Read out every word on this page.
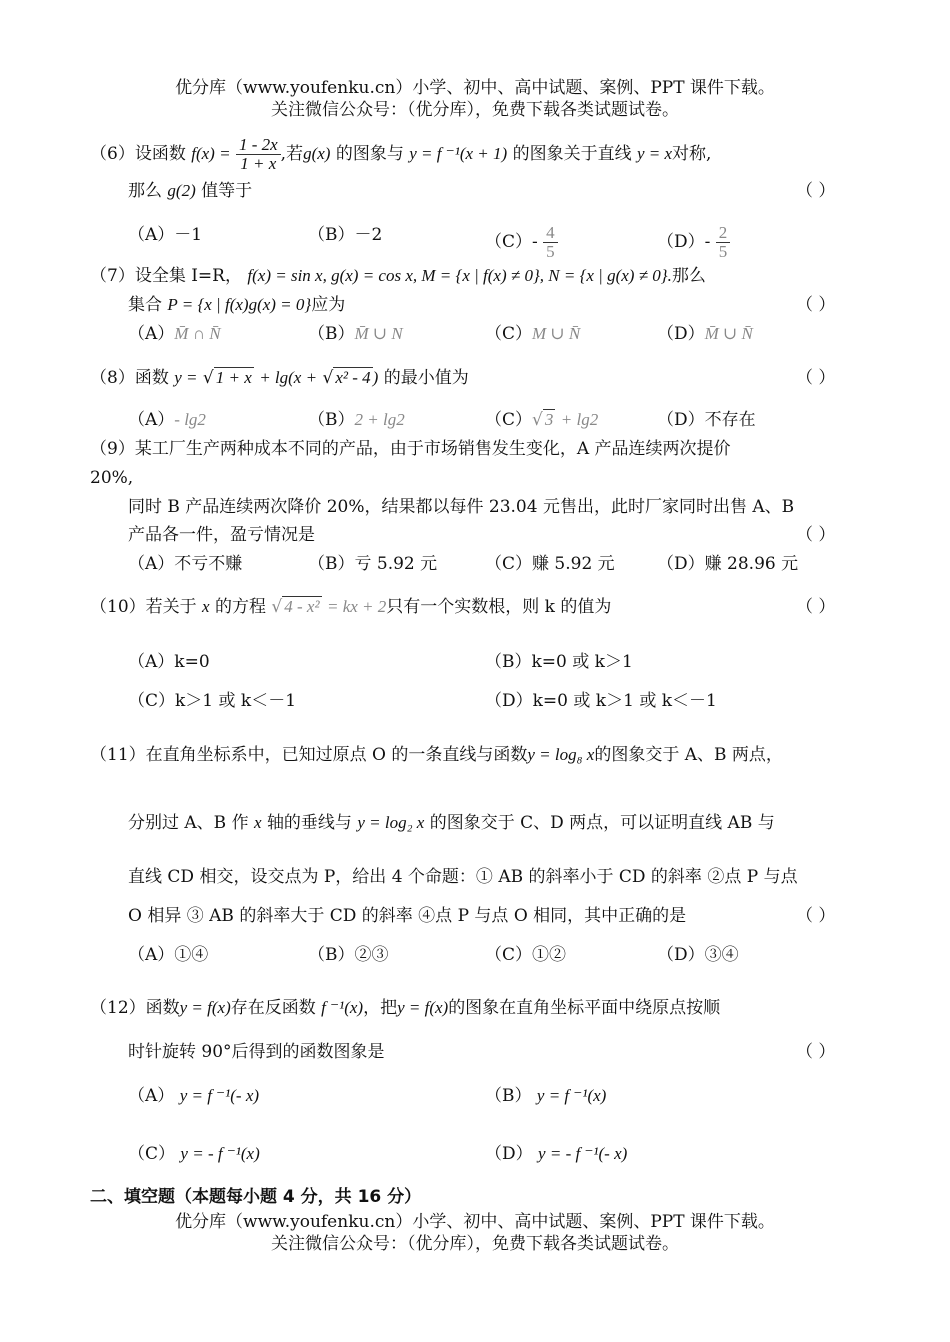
优分库（www.youfenku.cn）小学、初中、高中试题、案例、PPT 课件下载。
关注微信公众号：（优分库），免费下载各类试题试卷。
（6）设函数 $f(x) = \frac{1 - 2x}{1 + x}$ ,若g(x) 的图象与 y = f ⁻¹(x + 1) 的图象关于直线 y = x对称,
那么 g(2) 值等于	（ ）
（A）－1	（B）－2	$(C)- \frac{4}{5}$	$(D)- \frac{2}{5}$
（7）设全集 I=R， f(x) = sin x, g(x) = cos x, M = {x | f(x) ≠ 0}, N = {x | g(x) ≠ 0}.那么
集合 P = {x | f(x)g(x) = 0}应为	（ ）
（A）M̄ ∩ N̄	（B）M̄ ∪ N	（C）M ∪ N̄	（D）M̄ ∪ N̄
（8）函数 y = √ 1 + x + lg(x + √ x² - 4 ) 的最小值为	（ ）
（A）- lg2	（B）2 + lg2	（C）√ 3 + lg2	（D）不存在
（9）某工厂生产两种成本不同的产品，由于市场销售发生变化，A 产品连续两次提价
20%,
同时 B 产品连续两次降价 20%，结果都以每件 23.04 元售出，此时厂家同时出售 A、B
产品各一件，盈亏情况是	（ ）
（A）不亏不赚	（B）亏 5.92 元	（C）赚 5.92 元 （D）赚 28.96 元
（10）若关于 x 的方程 √ 4 - x² = kx + 2只有一个实数根，则 k 的值为	（ ）
（A）k=0	（B）k=0 或 k＞1
（C）k＞1 或 k＜－1	（D）k=0 或 k＞1 或 k＜－1
（11）在直角坐标系中，已知过原点 O 的一条直线与函数y = log₈ x的图象交于 A、B 两点，
分别过 A、B 作 x 轴的垂线与 y = log₂ x 的图象交于 C、D 两点，可以证明直线 AB 与
直线 CD 相交，设交点为 P，给出 4 个命题：① AB 的斜率小于 CD 的斜率 ②点 P 与点
O 相异 ③ AB 的斜率大于 CD 的斜率 ④点 P 与点 O 相同，其中正确的是	（ ）
（A）①④	（B）②③	（C）①②	（D）③④
（12）函数y = f(x)存在反函数 f ⁻¹(x)，把y = f(x)的图象在直角坐标平面中绕原点按顺
时针旋转 90°后得到的函数图象是	（ ）
（A） y = f ⁻¹(- x)	（B） y = f ⁻¹(x)
（C） y = - f ⁻¹(x)	（D） y = - f ⁻¹(- x)
二、填空题（本题每小题 4 分，共 16 分）
优分库（www.youfenku.cn）小学、初中、高中试题、案例、PPT 课件下载。
关注微信公众号：（优分库），免费下载各类试题试卷。
